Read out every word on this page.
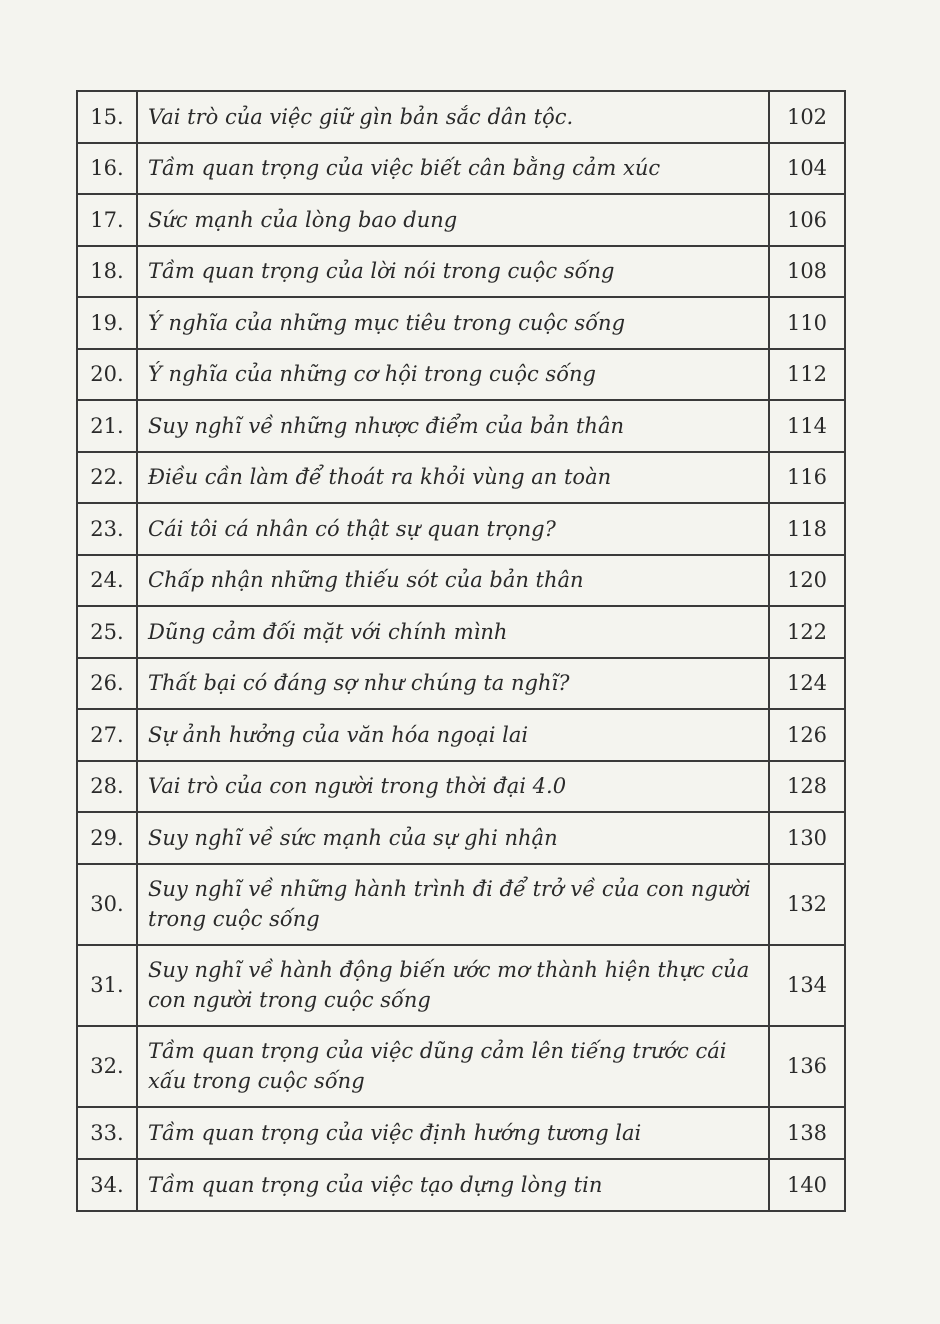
15.	Vai trò của việc giữ gìn bản sắc dân tộc.	102
16.	Tầm quan trọng của việc biết cân bằng cảm xúc	104
17.	Sức mạnh của lòng bao dung	106
18.	Tầm quan trọng của lời nói trong cuộc sống	108
19.	Ý nghĩa của những mục tiêu trong cuộc sống	110
20.	Ý nghĩa của những cơ hội trong cuộc sống	112
21.	Suy nghĩ về những nhược điểm của bản thân	114
22.	Điều cần làm để thoát ra khỏi vùng an toàn	116
23.	Cái tôi cá nhân có thật sự quan trọng?	118
24.	Chấp nhận những thiếu sót của bản thân	120
25.	Dũng cảm đối mặt với chính mình	122
26.	Thất bại có đáng sợ như chúng ta nghĩ?	124
27.	Sự ảnh hưởng của văn hóa ngoại lai	126
28.	Vai trò của con người trong thời đại 4.0	128
29.	Suy nghĩ về sức mạnh của sự ghi nhận	130
30.	Suy nghĩ về những hành trình đi để trở về của con người trong cuộc sống	132
31.	Suy nghĩ về hành động biến ước mơ thành hiện thực của con người trong cuộc sống	134
32.	Tầm quan trọng của việc dũng cảm lên tiếng trước cái xấu trong cuộc sống	136
33.	Tầm quan trọng của việc định hướng tương lai	138
34.	Tầm quan trọng của việc tạo dựng lòng tin	140
